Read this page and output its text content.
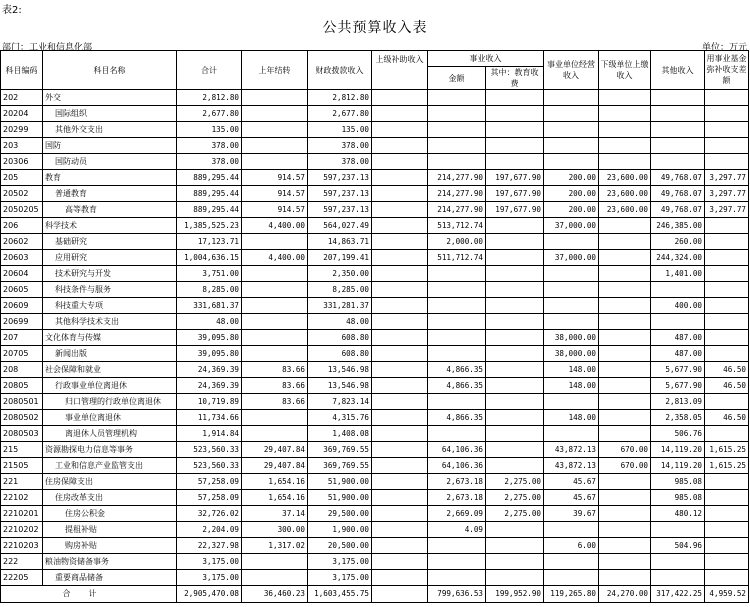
表2:
公共预算收入表
部门：工业和信息化部	单位：万元
科目编码	科目名称	合计	上年结转	财政拨款收入	上级补助收入	事业收入		事业单位经营收入	下级单位上缴收入	其他收入	用事业基金弥补收支差额
						金额	其中：教育收费				
202	外交	2,812.80		2,812.80							
20204	国际组织	2,677.80		2,677.80							
20299	其他外交支出	135.00		135.00							
203	国防	378.00		378.00							
20306	国防动员	378.00		378.00							
205	教育	889,295.44	914.57	597,237.13		214,277.90	197,677.90	200.00	23,600.00	49,768.07	3,297.77
20502	普通教育	889,295.44	914.57	597,237.13		214,277.90	197,677.90	200.00	23,600.00	49,768.07	3,297.77
2050205	高等教育	889,295.44	914.57	597,237.13		214,277.90	197,677.90	200.00	23,600.00	49,768.07	3,297.77
206	科学技术	1,385,525.23	4,400.00	564,027.49		513,712.74		37,000.00		246,385.00	
20602	基础研究	17,123.71		14,863.71		2,000.00				260.00	
20603	应用研究	1,004,636.15	4,400.00	207,199.41		511,712.74		37,000.00		244,324.00	
20604	技术研究与开发	3,751.00		2,350.00						1,401.00	
20605	科技条件与服务	8,285.00		8,285.00							
20609	科技重大专项	331,681.37		331,281.37						400.00	
20699	其他科学技术支出	48.00		48.00							
207	文化体育与传媒	39,095.80		608.80				38,000.00		487.00	
20705	新闻出版	39,095.80		608.80				38,000.00		487.00	
208	社会保障和就业	24,369.39	83.66	13,546.98		4,866.35		148.00		5,677.90	46.50
20805	行政事业单位离退休	24,369.39	83.66	13,546.98		4,866.35		148.00		5,677.90	46.50
2080501	归口管理的行政单位离退休	10,719.89	83.66	7,823.14						2,813.09	
2080502	事业单位离退休	11,734.66		4,315.76		4,866.35		148.00		2,358.05	46.50
2080503	离退休人员管理机构	1,914.84		1,408.08						506.76	
215	资源勘探电力信息等事务	523,560.33	29,407.84	369,769.55		64,106.36		43,872.13	670.00	14,119.20	1,615.25
21505	工业和信息产业监管支出	523,560.33	29,407.84	369,769.55		64,106.36		43,872.13	670.00	14,119.20	1,615.25
221	住房保障支出	57,258.09	1,654.16	51,900.00		2,673.18	2,275.00	45.67		985.08	
22102	住房改革支出	57,258.09	1,654.16	51,900.00		2,673.18	2,275.00	45.67		985.08	
2210201	住房公积金	32,726.02	37.14	29,500.00		2,669.09	2,275.00	39.67		480.12	
2210202	提租补贴	2,204.09	300.00	1,900.00		4.09					
2210203	购房补贴	22,327.98	1,317.02	20,500.00				6.00		504.96	
222	粮油物资储备事务	3,175.00		3,175.00							
22205	重要商品储备	3,175.00		3,175.00							
合计		2,905,470.08	36,460.23	1,603,455.75		799,636.53	199,952.90	119,265.80	24,270.00	317,422.25	4,959.52
